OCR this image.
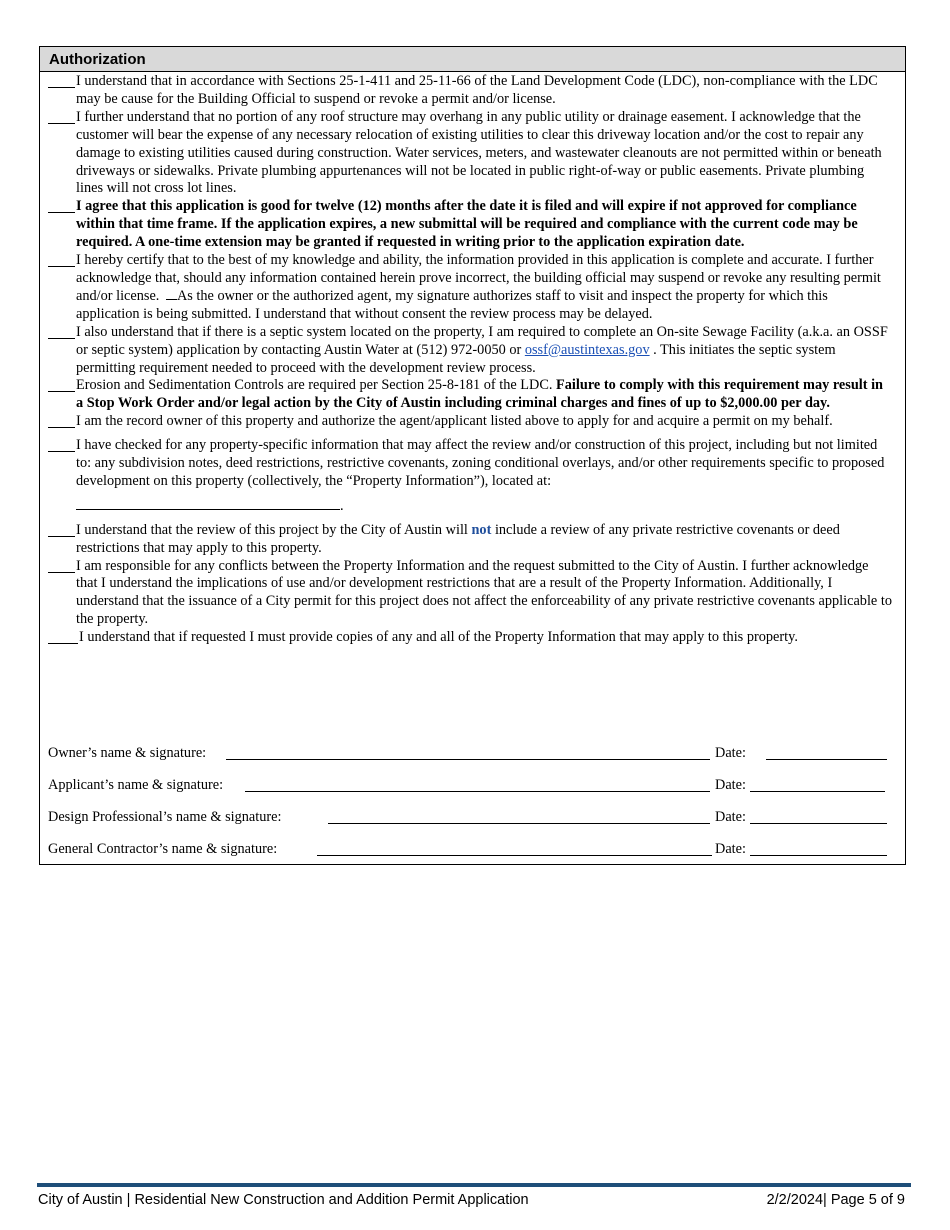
Authorization
I understand that in accordance with Sections 25-1-411 and 25-11-66 of the Land Development Code (LDC), non-compliance with the LDC may be cause for the Building Official to suspend or revoke a permit and/or license.
I further understand that no portion of any roof structure may overhang in any public utility or drainage easement. I acknowledge that the customer will bear the expense of any necessary relocation of existing utilities to clear this driveway location and/or the cost to repair any damage to existing utilities caused during construction. Water services, meters, and wastewater cleanouts are not permitted within or beneath driveways or sidewalks. Private plumbing appurtenances will not be located in public right-of-way or public easements. Private plumbing lines will not cross lot lines.
I agree that this application is good for twelve (12) months after the date it is filed and will expire if not approved for compliance within that time frame. If the application expires, a new submittal will be required and compliance with the current code may be required. A one-time extension may be granted if requested in writing prior to the application expiration date.
I hereby certify that to the best of my knowledge and ability, the information provided in this application is complete and accurate. I further acknowledge that, should any information contained herein prove incorrect, the building official may suspend or revoke any resulting permit and/or license. As the owner or the authorized agent, my signature authorizes staff to visit and inspect the property for which this application is being submitted. I understand that without consent the review process may be delayed.
I also understand that if there is a septic system located on the property, I am required to complete an On-site Sewage Facility (a.k.a. an OSSF or septic system) application by contacting Austin Water at (512) 972-0050 or ossf@austintexas.gov . This initiates the septic system permitting requirement needed to proceed with the development review process.
Erosion and Sedimentation Controls are required per Section 25-8-181 of the LDC. Failure to comply with this requirement may result in a Stop Work Order and/or legal action by the City of Austin including criminal charges and fines of up to $2,000.00 per day.
I am the record owner of this property and authorize the agent/applicant listed above to apply for and acquire a permit on my behalf.
I have checked for any property-specific information that may affect the review and/or construction of this project, including but not limited to: any subdivision notes, deed restrictions, restrictive covenants, zoning conditional overlays, and/or other requirements specific to proposed development on this property (collectively, the “Property Information”), located at:
.
I understand that the review of this project by the City of Austin will not include a review of any private restrictive covenants or deed restrictions that may apply to this property.
I am responsible for any conflicts between the Property Information and the request submitted to the City of Austin. I further acknowledge that I understand the implications of use and/or development restrictions that are a result of the Property Information. Additionally, I understand that the issuance of a City permit for this project does not affect the enforceability of any private restrictive covenants applicable to the property.
I understand that if requested I must provide copies of any and all of the Property Information that may apply to this property.
Owner’s name & signature:	Date:
Applicant’s name & signature:	Date:
Design Professional’s name & signature:	Date:
General Contractor’s name & signature:	Date:
City of Austin | Residential New Construction and Addition Permit Application	2/2/2024| Page 5 of 9
